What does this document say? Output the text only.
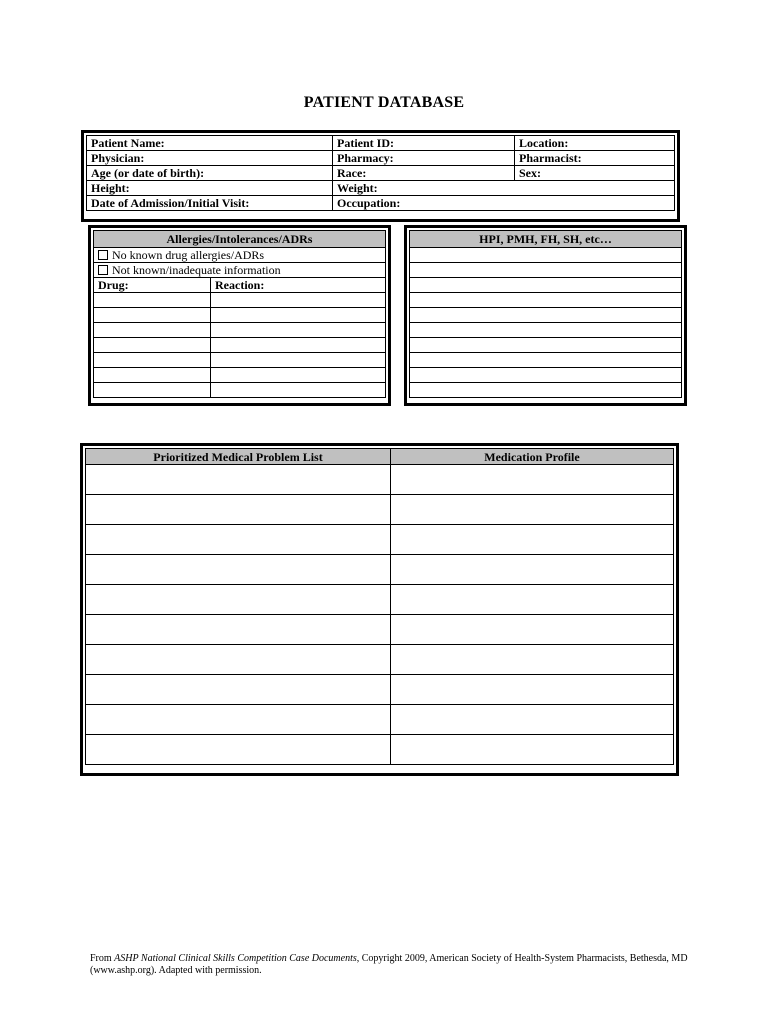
PATIENT DATABASE
Patient Name:	Patient ID:	Location:
Physician:	Pharmacy:	Pharmacist:
Age (or date of birth):	Race:	Sex:
Height:	Weight:	
Date of Admission/Initial Visit:	Occupation:	
Allergies/Intolerances/ADRs	
No known drug allergies/ADRs	
Not known/inadequate information	
Drug:	Reaction:

HPI, PMH, FH, SH, etc…

Prioritized Medical Problem List	Medication Profile

From ASHP National Clinical Skills Competition Case Documents, Copyright 2009, American Society of Health-System Pharmacists, Bethesda, MD (www.ashp.org). Adapted with permission.
